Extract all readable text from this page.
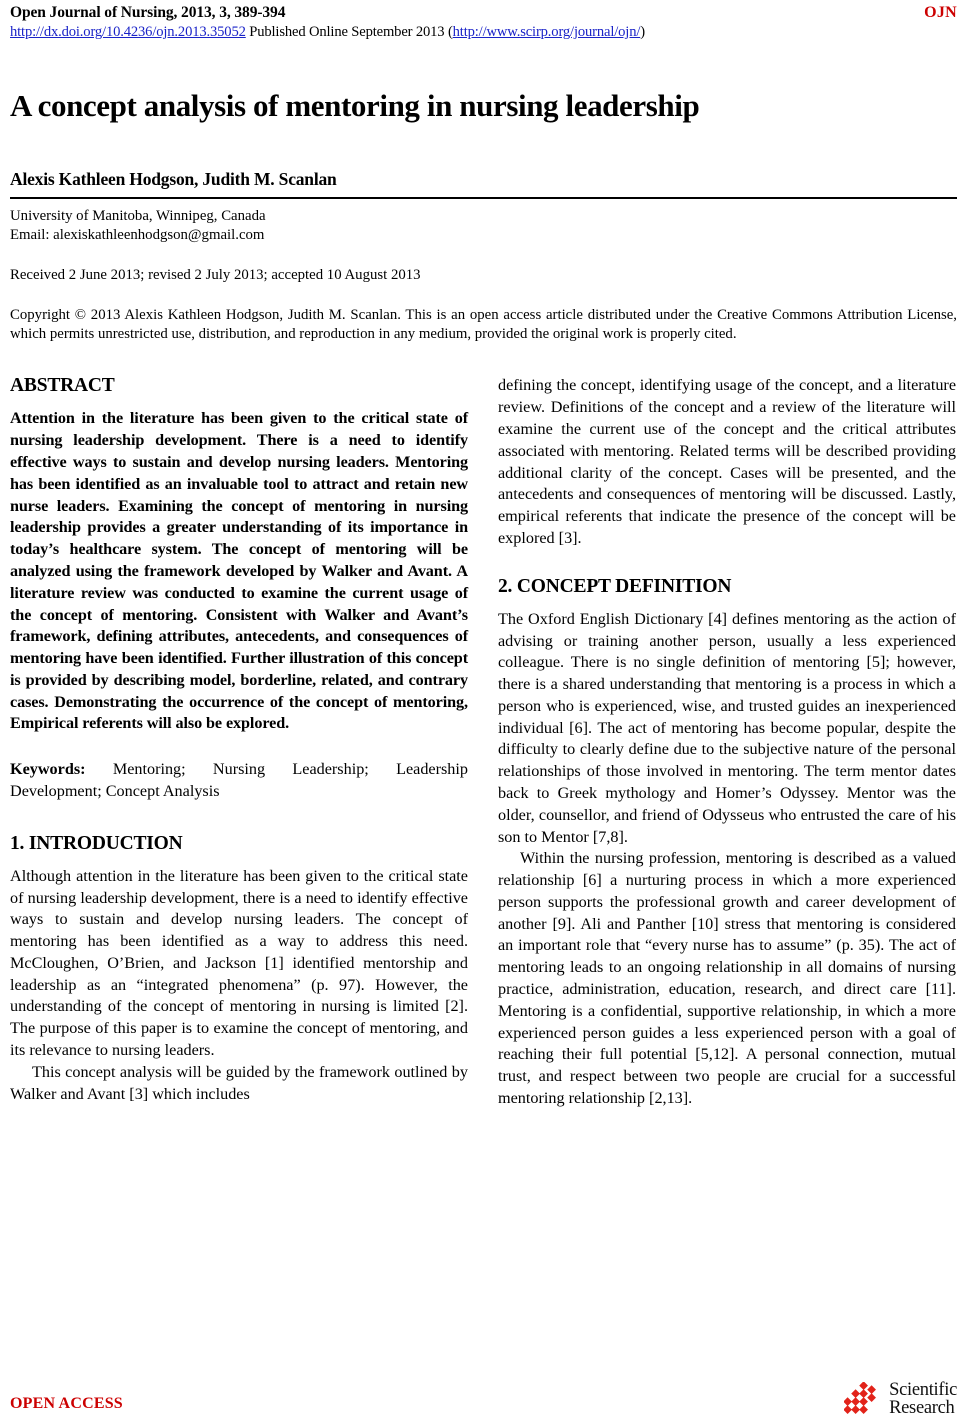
Open Journal of Nursing, 2013, 3, 389-394	OJN
http://dx.doi.org/10.4236/ojn.2013.35052 Published Online September 2013 (http://www.scirp.org/journal/ojn/)
A concept analysis of mentoring in nursing leadership
Alexis Kathleen Hodgson, Judith M. Scanlan
University of Manitoba, Winnipeg, Canada
Email: alexiskathleenhodgson@gmail.com
Received 2 June 2013; revised 2 July 2013; accepted 10 August 2013
Copyright © 2013 Alexis Kathleen Hodgson, Judith M. Scanlan. This is an open access article distributed under the Creative Commons Attribution License, which permits unrestricted use, distribution, and reproduction in any medium, provided the original work is properly cited.
ABSTRACT

Attention in the literature has been given to the critical state of nursing leadership development. There is a need to identify effective ways to sustain and develop nursing leaders. Mentoring has been identified as an invaluable tool to attract and retain new nurse leaders. Examining the concept of mentoring in nursing leadership provides a greater understanding of its importance in today’s healthcare system. The concept of mentoring will be analyzed using the framework developed by Walker and Avant. A literature review was conducted to examine the current usage of the concept of mentoring. Consistent with Walker and Avant’s framework, defining attributes, antecedents, and consequences of mentoring have been identified. Further illustration of this concept is provided by describing model, borderline, related, and contrary cases. Demonstrating the occurrence of the concept of mentoring, Empirical referents will also be explored.

Keywords: Mentoring; Nursing Leadership; Leadership Development; Concept Analysis

1. INTRODUCTION

Although attention in the literature has been given to the critical state of nursing leadership development, there is a need to identify effective ways to sustain and develop nursing leaders. The concept of mentoring has been identified as a way to address this need. McCloughen, O’Brien, and Jackson [1] identified mentorship and leadership as an “integrated phenomena” (p. 97). However, the understanding of the concept of mentoring in nursing is limited [2]. The purpose of this paper is to examine the concept of mentoring, and its relevance to nursing leaders.

This concept analysis will be guided by the framework outlined by Walker and Avant [3] which includes

defining the concept, identifying usage of the concept, and a literature review. Definitions of the concept and a review of the literature will examine the current use of the concept and the critical attributes associated with mentoring. Related terms will be described providing additional clarity of the concept. Cases will be presented, and the antecedents and consequences of mentoring will be discussed. Lastly, empirical referents that indicate the presence of the concept will be explored [3].

2. CONCEPT DEFINITION

The Oxford English Dictionary [4] defines mentoring as the action of advising or training another person, usually a less experienced colleague. There is no single definition of mentoring [5]; however, there is a shared understanding that mentoring is a process in which a person who is experienced, wise, and trusted guides an inexperienced individual [6]. The act of mentoring has become popular, despite the difficulty to clearly define due to the subjective nature of the personal relationships of those involved in mentoring. The term mentor dates back to Greek mythology and Homer’s Odyssey. Mentor was the older, counsellor, and friend of Odysseus who entrusted the care of his son to Mentor [7,8].

Within the nursing profession, mentoring is described as a valued relationship [6] a nurturing process in which a more experienced person supports the professional growth and career development of another [9]. Ali and Panther [10] stress that mentoring is considered an important role that “every nurse has to assume” (p. 35). The act of mentoring leads to an ongoing relationship in all domains of nursing practice, administration, education, research, and direct care [11]. Mentoring is a confidential, supportive relationship, in which a more experienced person guides a less experienced person with a goal of reaching their full potential [5,12]. A personal connection, mutual trust, and respect between two people are crucial for a successful mentoring relationship [2,13].

OPEN ACCESS
Scientific
Research
